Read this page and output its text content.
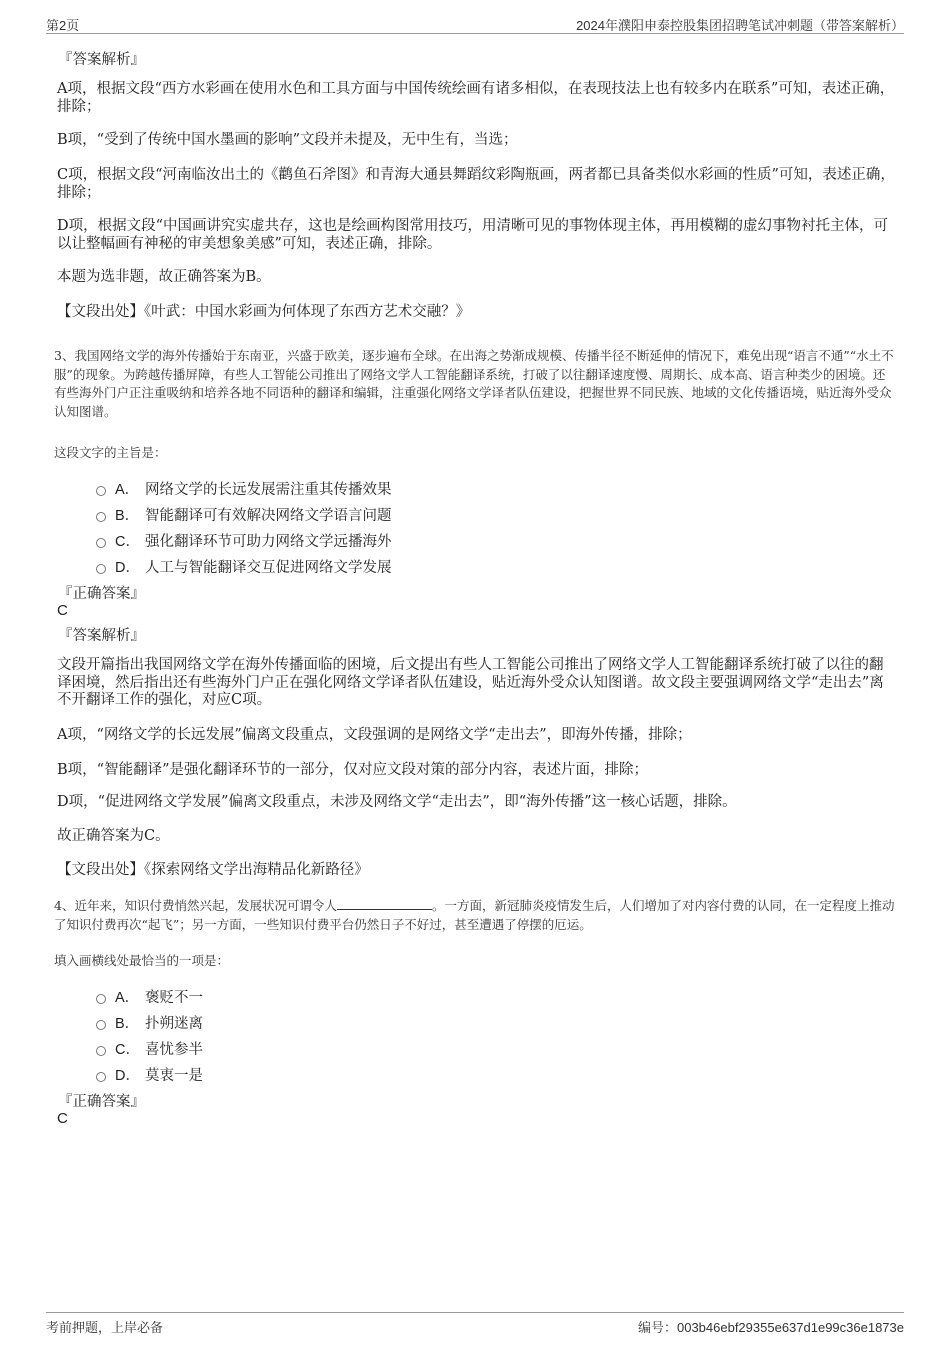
第2页	2024年濮阳申泰控股集团招聘笔试冲刺题（带答案解析）
『答案解析』
A项，根据文段“西方水彩画在使用水色和工具方面与中国传统绘画有诸多相似，在表现技法上也有较多内在联系”可知，表述正确，排除；
B项，“受到了传统中国水墨画的影响”文段并未提及，无中生有，当选；
C项，根据文段“河南临汝出土的《鹳鱼石斧图》和青海大通县舞蹈纹彩陶瓶画，两者都已具备类似水彩画的性质”可知，表述正确，排除；
D项，根据文段“中国画讲究实虚共存，这也是绘画构图常用技巧，用清晰可见的事物体现主体，再用模糊的虚幻事物衬托主体，可以让整幅画有神秘的审美想象美感”可知，表述正确，排除。
本题为选非题，故正确答案为B。
【文段出处】《叶武：中国水彩画为何体现了东西方艺术交融？》
3、我国网络文学的海外传播始于东南亚，兴盛于欧美，逐步遍布全球。在出海之势渐成规模、传播半径不断延伸的情况下，难免出现“语言不通”“水土不服”的现象。为跨越传播屏障，有些人工智能公司推出了网络文学人工智能翻译系统，打破了以往翻译速度慢、周期长、成本高、语言种类少的困境。还有些海外门户正注重吸纳和培养各地不同语种的翻译和编辑，注重强化网络文学译者队伍建设，把握世界不同民族、地域的文化传播语境，贴近海外受众认知图谱。
这段文字的主旨是：
A． 网络文学的长远发展需注重其传播效果
B． 智能翻译可有效解决网络文学语言问题
C． 强化翻译环节可助力网络文学远播海外
D． 人工与智能翻译交互促进网络文学发展
『正确答案』
C
『答案解析』
文段开篇指出我国网络文学在海外传播面临的困境，后文提出有些人工智能公司推出了网络文学人工智能翻译系统打破了以往的翻译困境，然后指出还有些海外门户正在强化网络文学译者队伍建设，贴近海外受众认知图谱。故文段主要强调网络文学“走出去”离不开翻译工作的强化，对应C项。
A项，“网络文学的长远发展”偏离文段重点，文段强调的是网络文学“走出去”，即海外传播，排除；
B项，“智能翻译”是强化翻译环节的一部分，仅对应文段对策的部分内容，表述片面，排除；
D项，“促进网络文学发展”偏离文段重点，未涉及网络文学“走出去”，即“海外传播”这一核心话题，排除。
故正确答案为C。
【文段出处】《探索网络文学出海精品化新路径》
4、近年来，知识付费悄然兴起，发展状况可谓令人	。一方面，新冠肺炎疫情发生后，人们增加了对内容付费的认同，在一定程度上推动了知识付费再次“起飞”；另一方面，一些知识付费平台仍然日子不好过，甚至遭遇了停摆的厄运。
填入画横线处最恰当的一项是：
A． 褒贬不一
B． 扑朔迷离
C． 喜忧参半
D． 莫衷一是
『正确答案』
C
考前押题，上岸必备	编号：003b46ebf29355e637d1e99c36e1873e
